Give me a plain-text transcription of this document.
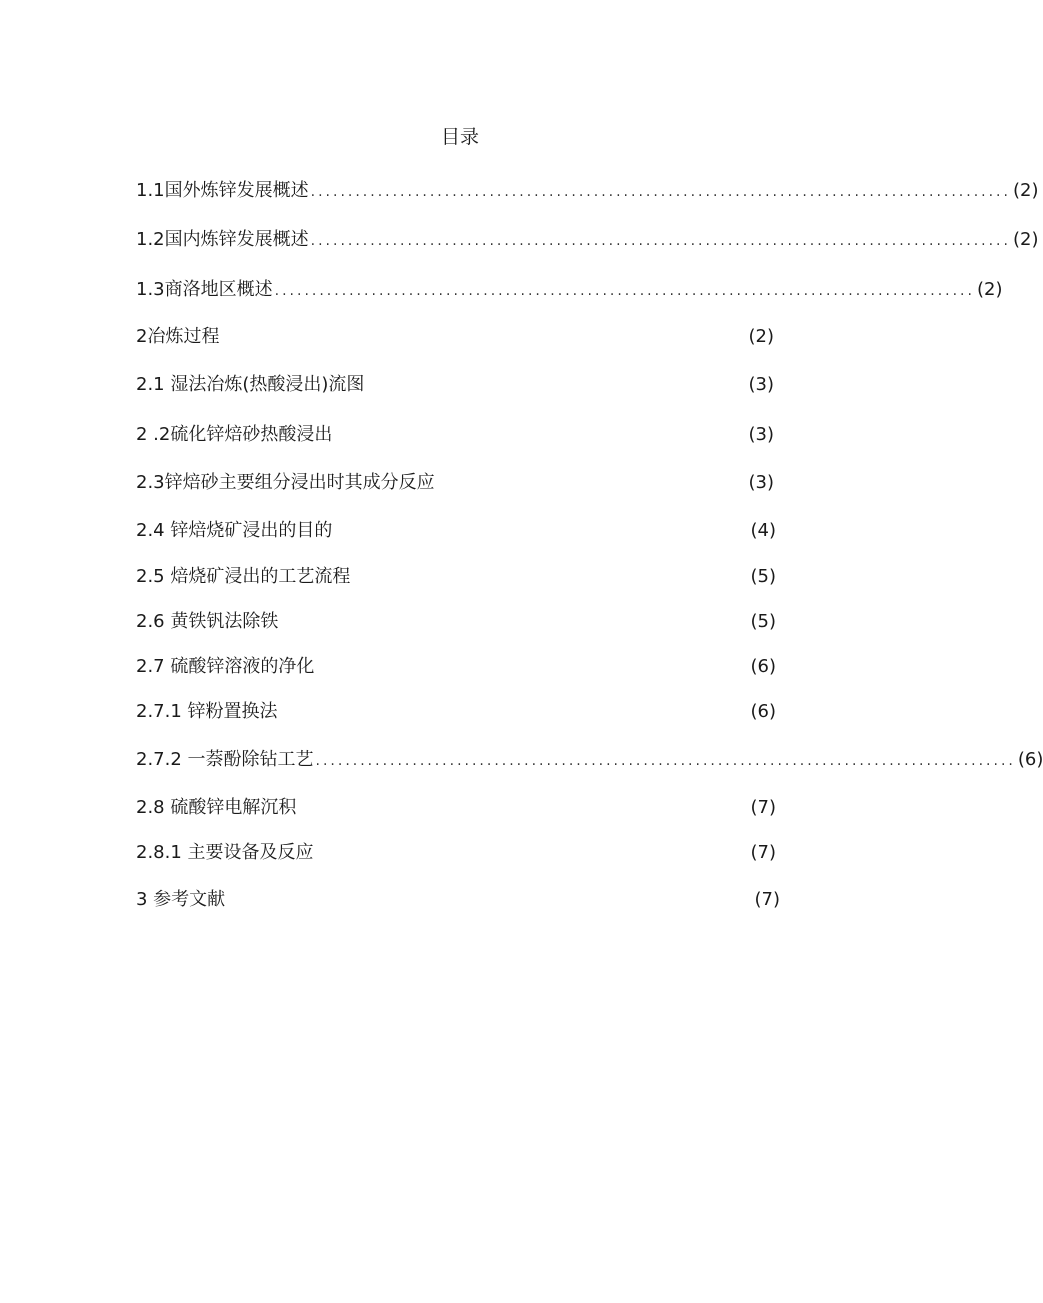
目录
1.1国外炼锌发展概述 .............................................................................................. (2)
1.2国内炼锌发展概述 .............................................................................................. (2)
1.3商洛地区概述 .............................................................................................. (2)
2冶炼过程	(2)
2.1 湿法冶炼(热酸浸出)流图	(3)
2 .2硫化锌焙砂热酸浸出	(3)
2.3锌焙砂主要组分浸出时其成分反应	(3)
2.4 锌焙烧矿浸出的目的	(4)
2.5 焙烧矿浸出的工艺流程	(5)
2.6 黄铁钒法除铁	(5)
2.7 硫酸锌溶液的净化	(6)
2.7.1 锌粉置换法	(6)
2.7.2 一萘酚除钻工艺 .............................................................................................. (6)
2.8 硫酸锌电解沉积	(7)
2.8.1 主要设备及反应	(7)
3 参考文献	(7)
